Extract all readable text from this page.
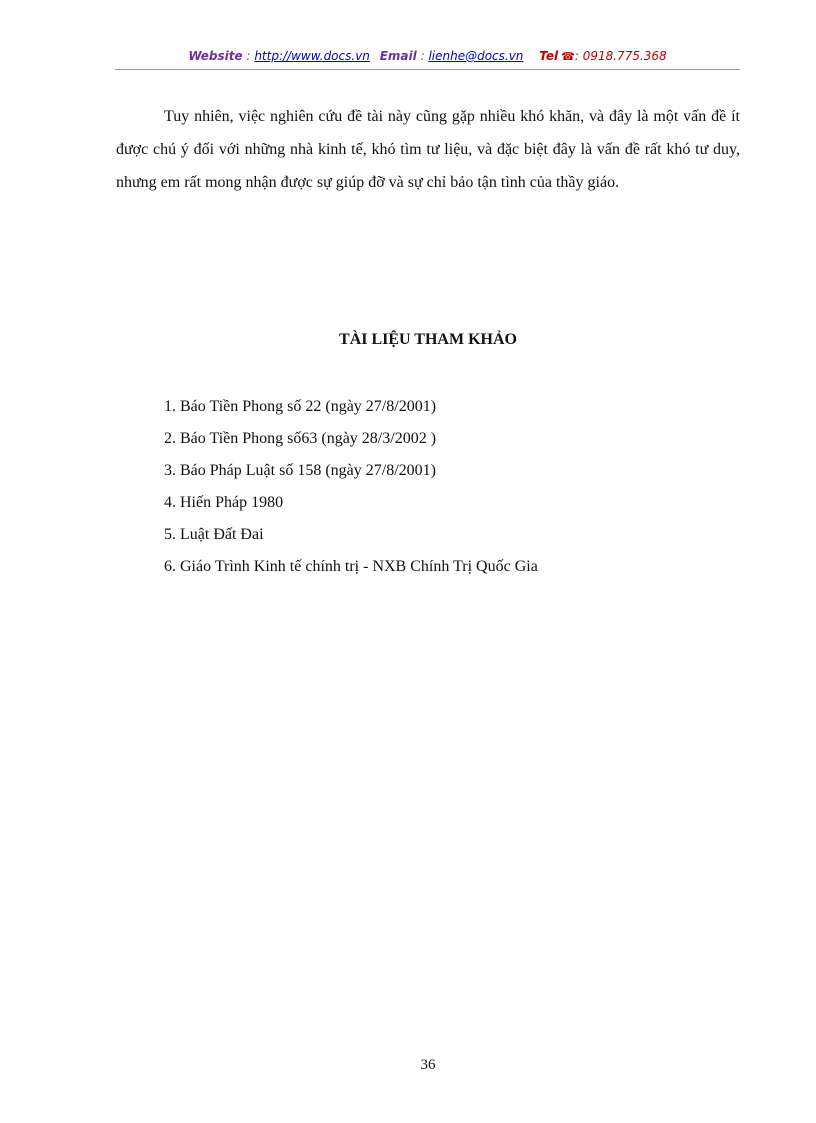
Website : http://www.docs.vn Email : lienhe@docs.vn Tel ☎: 0918.775.368

Tuy nhiên, việc nghiên cứu đề tài này cũng gặp nhiều khó khăn, và đây là một vấn đề ít được chú ý đối với những nhà kinh tế, khó tìm tư liệu, và đặc biệt đây là vấn đề rất khó tư duy, nhưng em rất mong nhận được sự giúp đỡ và sự chỉ bảo tận tình của thầy giáo.

TÀI LIỆU THAM KHẢO
1. Báo Tiền Phong số 22 (ngày 27/8/2001)
2. Báo Tiền Phong số63 (ngày 28/3/2002 )
3. Báo Pháp Luật số 158 (ngày 27/8/2001)
4. Hiến Pháp 1980
5. Luật Đất Đai
6. Giáo Trình Kinh tế chính trị - NXB Chính Trị Quốc Gia
36
